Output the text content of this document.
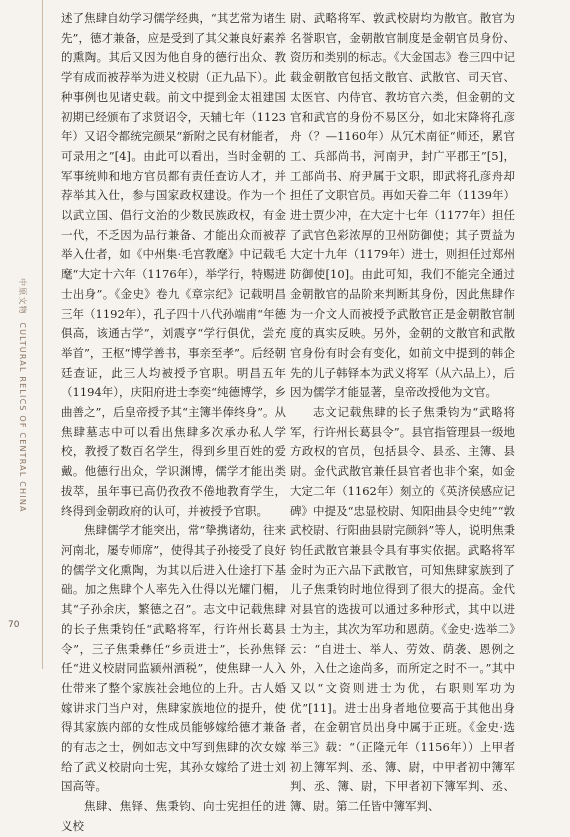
中原文物  CULTURAL RELICS OF CENTRAL CHINA
70

述了焦肆自幼学习儒学经典，“其艺常为诸生先”，德才兼备，应是受到了其父兼良好素养的熏陶。其后又因为他自身的德行出众、教学有成而被荐举为进义校尉（正九品下）。此种事例也见诸史载。前文中提到金太祖建国初期已经颁布了求贤诏令，天辅七年（1123年）又诏令都统完颜杲“新附之民有材能者，可录用之”[4]。由此可以看出，当时金朝的军事统帅和地方官员都有责任查访人才，并荐举其入仕，参与国家政权建设。作为一个以武立国、倡行文治的少数民族政权，有金一代，不乏因为品行兼备、才能出众而被荐举入仕者，如《中州集·毛宫教麾》中记载毛麾“大定十六年（1176年），举学行，特赐进士出身”。《金史》卷九《章宗纪》记载明昌三年（1192年），孔子四十八代孙端甫“年德俱高，该通古学”，刘震亨“学行俱优，尝充举首”，王枢“博学善书，事亲至孝”。后经朝廷查证，此三人均被授予官职。明昌五年（1194年），庆阳府进士李奕“纯德博学，乡曲善之”，后皇帝授予其“主簿半俸终身”。从焦肆墓志中可以看出焦肆多次承办私人学校，教授了数百名学生，得到乡里百姓的爱戴。他德行出众，学识渊博，儒学才能出类拔萃，虽年事已高仍孜孜不倦地教育学生，终得到金朝政府的认可，并被授予官职。

焦肆儒学才能突出，常“挚携诸幼，往来河南北，屡专师席”，使得其子孙接受了良好的儒学文化熏陶，为其以后进入仕途打下基础。加之焦肆个人率先入仕得以光耀门楣，其“子孙余庆，繁德之召”。志文中记载焦肆的长子焦秉钧任“武略将军，行许州长葛县令”，三子焦秉彝任“乡贡进士”，长孙焦铎任“进义校尉同监颍州酒税”，使焦肆一人入仕带来了整个家族社会地位的上升。古人婚嫁讲求门当户对，焦肆家族地位的提升，使得其家族内部的女性成员能够嫁给德才兼备的有志之士，例如志文中写到焦肆的次女嫁给了武义校尉向士宪，其孙女嫁给了进士刘国高等。

焦肆、焦铎、焦秉钧、向士宪担任的进义校

尉、武略将军、敦武校尉均为散官。散官为名誉职官，金朝散官制度是金朝官员身份、资历和类别的标志。《大金国志》卷三四中记载金朝散官包括文散官、武散官、司天官、太医官、内侍官、教坊官六类，但金朝的文官和武官的身份不易区分，如北宋降将孔彦舟（？—1160年）从冗术南征“师还，累官工、兵部尚书，河南尹，封广平郡王”[5]，工部尚书、府尹属于文职，即武将孔彦舟却担任了文职官员。再如天眷二年（1139年）进士贾少冲，在大定十七年（1177年）担任了武官色彩浓厚的卫州防御使；其子贾益为大定十九年（1179年）进士，则担任过郑州防御使[10]。由此可知，我们不能完全通过金朝散官的品阶来判断其身份，因此焦肆作为一介文人而被授予武散官正是金朝散官制度的真实反映。另外，金朝的文散官和武散官身份有时会有变化，如前文中提到的韩企先的儿子韩铎本为武义将军（从六品上），后因为儒学才能显著，皇帝改授他为文官。

志文记载焦肆的长子焦秉钧为“武略将军，行许州长葛县令”。县官指管理县一级地方政权的官员，包括县令、县丞、主簿、县尉。金代武散官兼任县官者也非个案，如金大定二年（1162年）刻立的《英济侯感应记碑》中提及“忠显校尉、知阳曲县令史纯”“敦武校尉、行阳曲县尉完颜斜”等人，说明焦秉钧任武散官兼县令具有事实依据。武略将军金时为正六品下武散官，可知焦肆家族到了儿子焦秉钧时地位得到了很大的提高。金代对县官的选拔可以通过多种形式，其中以进士为主，其次为军功和恩荫。《金史·选举二》云：“自进士、举人、劳效、荫袭、恩例之外，入仕之途尚多，而所定之时不一。”其中又以“文资则进士为优，右职则军功为优”[11]。进士出身者地位要高于其他出身者，在金朝官员出身中属于正班。《金史·选举三》载：“（正隆元年（1156年））上甲者初上簿军判、丞、簿、尉，中甲者初中簿军判、丞、簿、尉，下甲者初下簿军判、丞、簿、尉。第二任皆中簿军判、
